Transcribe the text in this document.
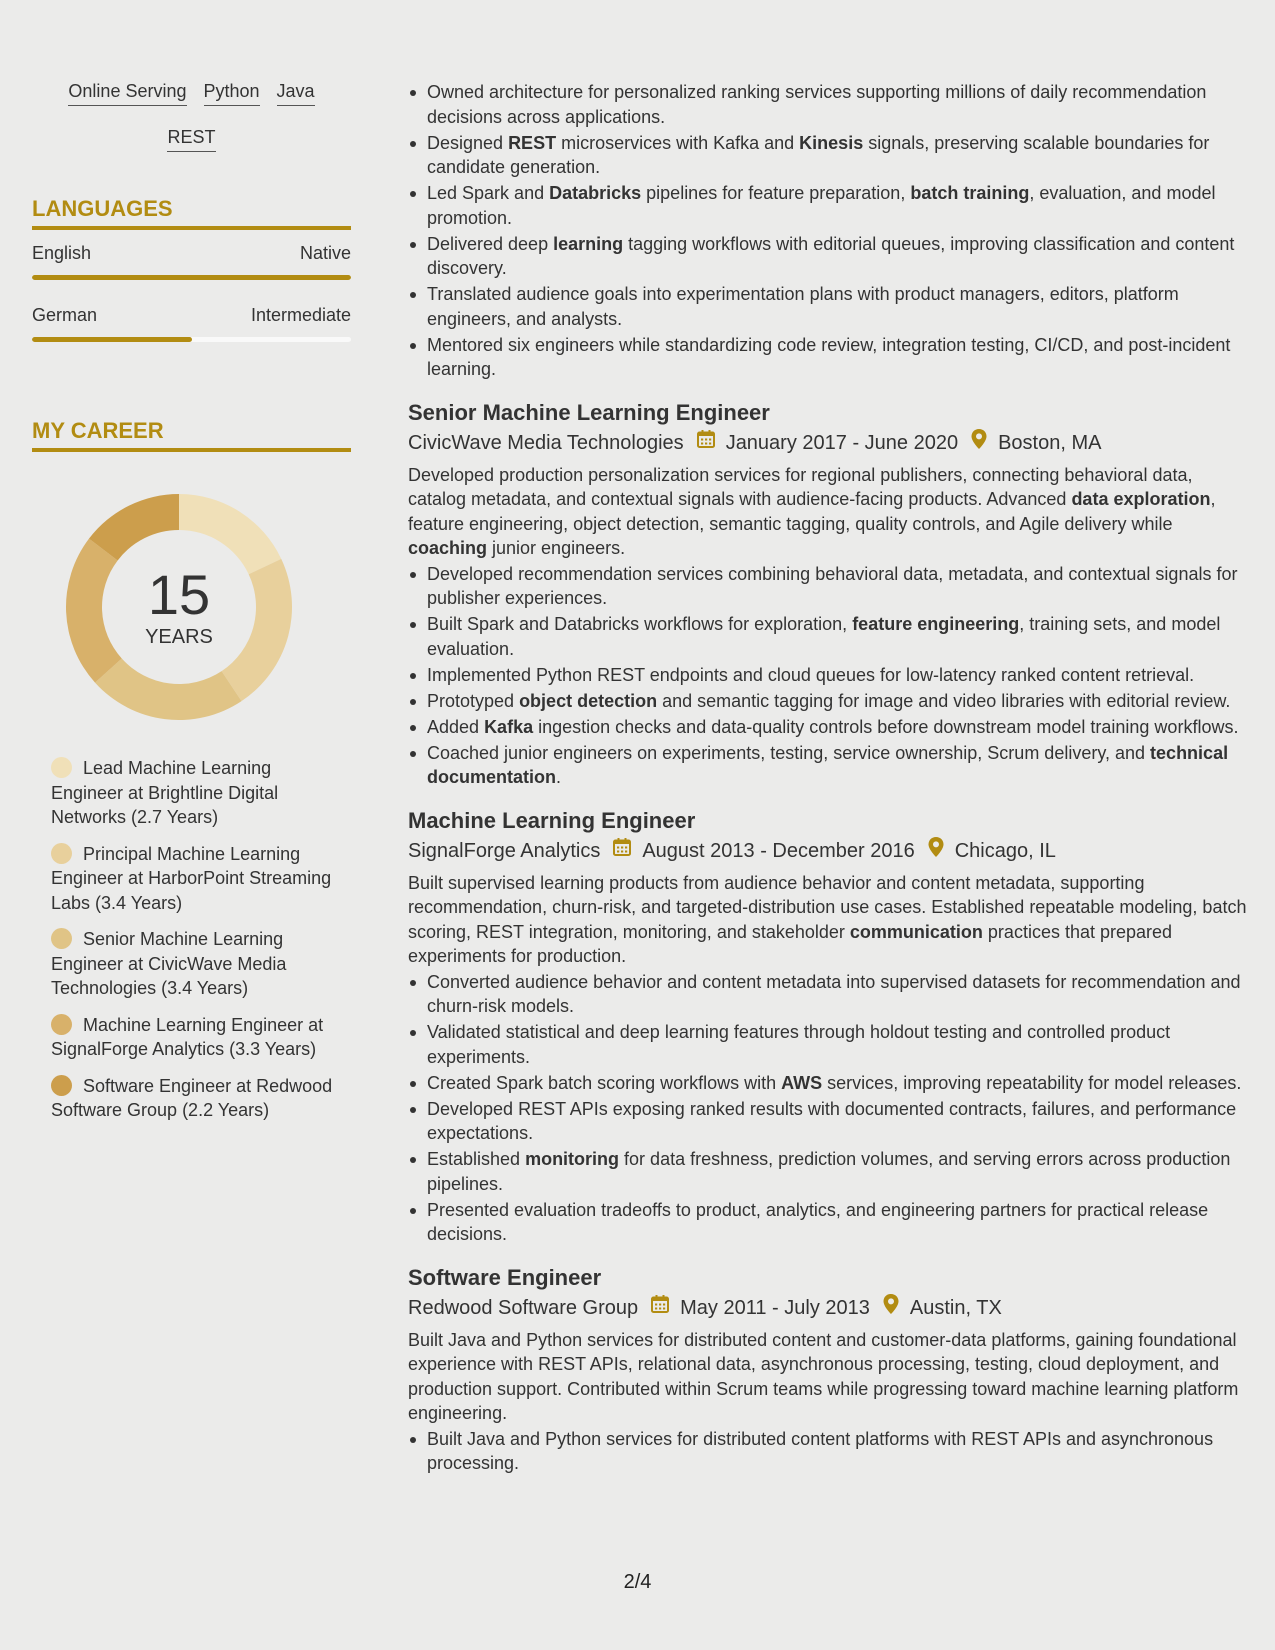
Online Serving Python Java
REST
LANGUAGES
English	Native
German	Intermediate
MY CAREER
15
YEARS
Lead Machine Learning Engineer at Brightline Digital Networks (2.7 Years)
Principal Machine Learning Engineer at HarborPoint Streaming Labs (3.4 Years)
Senior Machine Learning Engineer at CivicWave Media Technologies (3.4 Years)
Machine Learning Engineer at SignalForge Analytics (3.3 Years)
Software Engineer at Redwood Software Group (2.2 Years)
Owned architecture for personalized ranking services supporting millions of daily recommendation decisions across applications.
Designed REST microservices with Kafka and Kinesis signals, preserving scalable boundaries for candidate generation.
Led Spark and Databricks pipelines for feature preparation, batch training, evaluation, and model promotion.
Delivered deep learning tagging workflows with editorial queues, improving classification and content discovery.
Translated audience goals into experimentation plans with product managers, editors, platform engineers, and analysts.
Mentored six engineers while standardizing code review, integration testing, CI/CD, and post-incident learning.
Senior Machine Learning Engineer
CivicWave Media Technologies January 2017 - June 2020 Boston, MA
Developed production personalization services for regional publishers, connecting behavioral data, catalog metadata, and contextual signals with audience-facing products. Advanced data exploration, feature engineering, object detection, semantic tagging, quality controls, and Agile delivery while coaching junior engineers.
Developed recommendation services combining behavioral data, metadata, and contextual signals for publisher experiences.
Built Spark and Databricks workflows for exploration, feature engineering, training sets, and model evaluation.
Implemented Python REST endpoints and cloud queues for low-latency ranked content retrieval.
Prototyped object detection and semantic tagging for image and video libraries with editorial review.
Added Kafka ingestion checks and data-quality controls before downstream model training workflows.
Coached junior engineers on experiments, testing, service ownership, Scrum delivery, and technical documentation.
Machine Learning Engineer
SignalForge Analytics August 2013 - December 2016 Chicago, IL
Built supervised learning products from audience behavior and content metadata, supporting recommendation, churn-risk, and targeted-distribution use cases. Established repeatable modeling, batch scoring, REST integration, monitoring, and stakeholder communication practices that prepared experiments for production.
Converted audience behavior and content metadata into supervised datasets for recommendation and churn-risk models.
Validated statistical and deep learning features through holdout testing and controlled product experiments.
Created Spark batch scoring workflows with AWS services, improving repeatability for model releases.
Developed REST APIs exposing ranked results with documented contracts, failures, and performance expectations.
Established monitoring for data freshness, prediction volumes, and serving errors across production pipelines.
Presented evaluation tradeoffs to product, analytics, and engineering partners for practical release decisions.
Software Engineer
Redwood Software Group May 2011 - July 2013 Austin, TX
Built Java and Python services for distributed content and customer-data platforms, gaining foundational experience with REST APIs, relational data, asynchronous processing, testing, cloud deployment, and production support. Contributed within Scrum teams while progressing toward machine learning platform engineering.
Built Java and Python services for distributed content platforms with REST APIs and asynchronous processing.
2/4
